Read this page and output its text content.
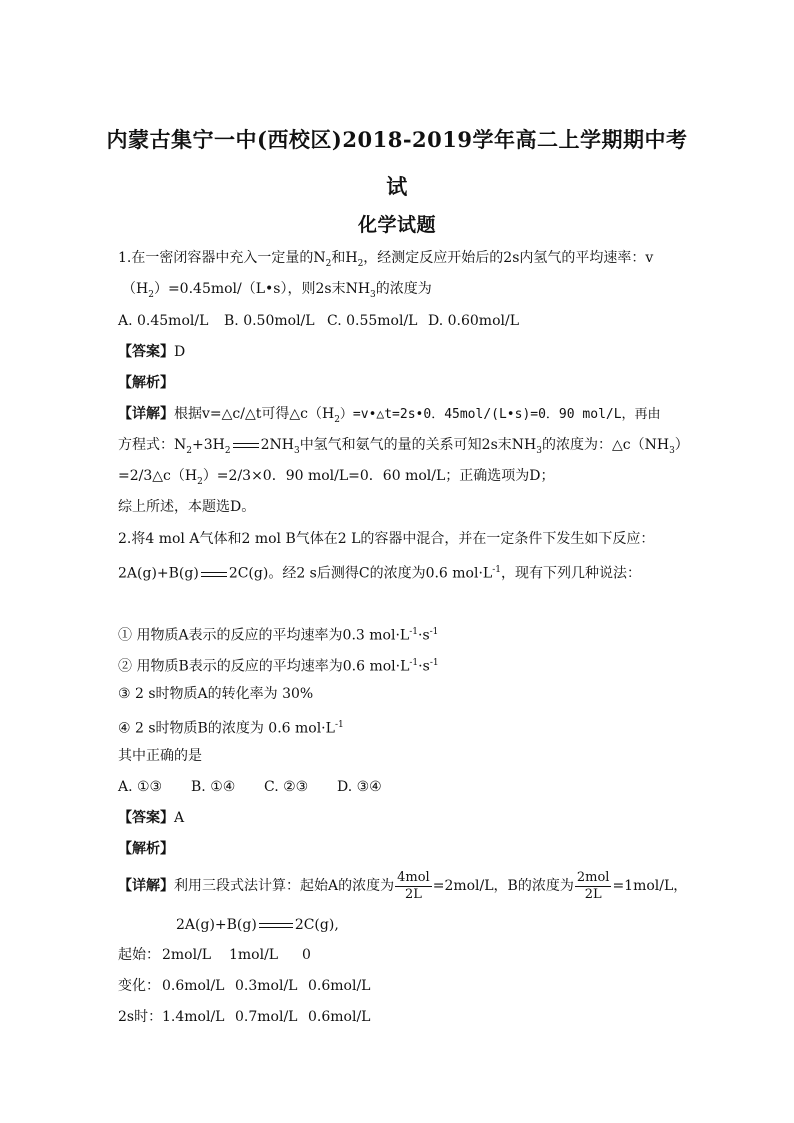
内蒙古集宁一中(西校区)2018-2019学年高二上学期期中考
试
化学试题
1.在一密闭容器中充入一定量的$N_2$和$H_2$，经测定反应开始后的2s内氢气的平均速率：v
$(H_2)=0.45mol/(L•s)$，则2s末$NH_3$的浓度为
A. 0.45mol/L B. 0.50mol/L C. 0.55mol/L D. 0.60mol/L
【答案】D
【解析】
【详解】根据v=△c/△t可得$\triangle c(H_2)=v•\triangle t=2s•0$．45mol/(L•s)=0．90 mol/L，再由
方程式：$N_2+3H_2$ $2NH_3$中氢气和氨气的量的关系可知2s末$NH_3$的浓度为：$\triangle c(NH_3)$
$=2/3\triangle c(H_2)=2/3\times 0$．90 mol/L=0．60 mol/L；正确选项为D；
综上所述，本题选D。
2.将4 mol A气体和2 mol B气体在2 L的容器中混合，并在一定条件下发生如下反应：
2A(g)+B(g) 2C(g)。经2 s后测得C的浓度为0.6 $mol\cdot L^{-1}$，现有下列几种说法：
① 用物质A表示的反应的平均速率为0.3 $mol\cdot L^{-1}\cdot s^{-1}$
② 用物质B表示的反应的平均速率为0.6 $mol\cdot L^{-1}\cdot s^{-1}$
③ 2 s时物质A的转化率为 30%
④ 2 s时物质B的浓度为 0.6 $mol\cdot L^{-1}$
其中正确的是
A. ①③ B. ①④ C. ②③ D. ③④
【答案】A
【解析】
【详解】利用三段式法计算：起始A的浓度为 $\frac{\text{4mol}}{2L} =2mol/L$，B的浓度为 $\frac{\text{2mol}}{2L} =1mol/L$，
2A(g)+B(g)	2C(g),
起始： 2mol/L 1mol/L 0
变化： 0.6mol/L 0.3mol/L 0.6mol/L
2s时：1.4mol/L 0.7mol/L 0.6mol/L
